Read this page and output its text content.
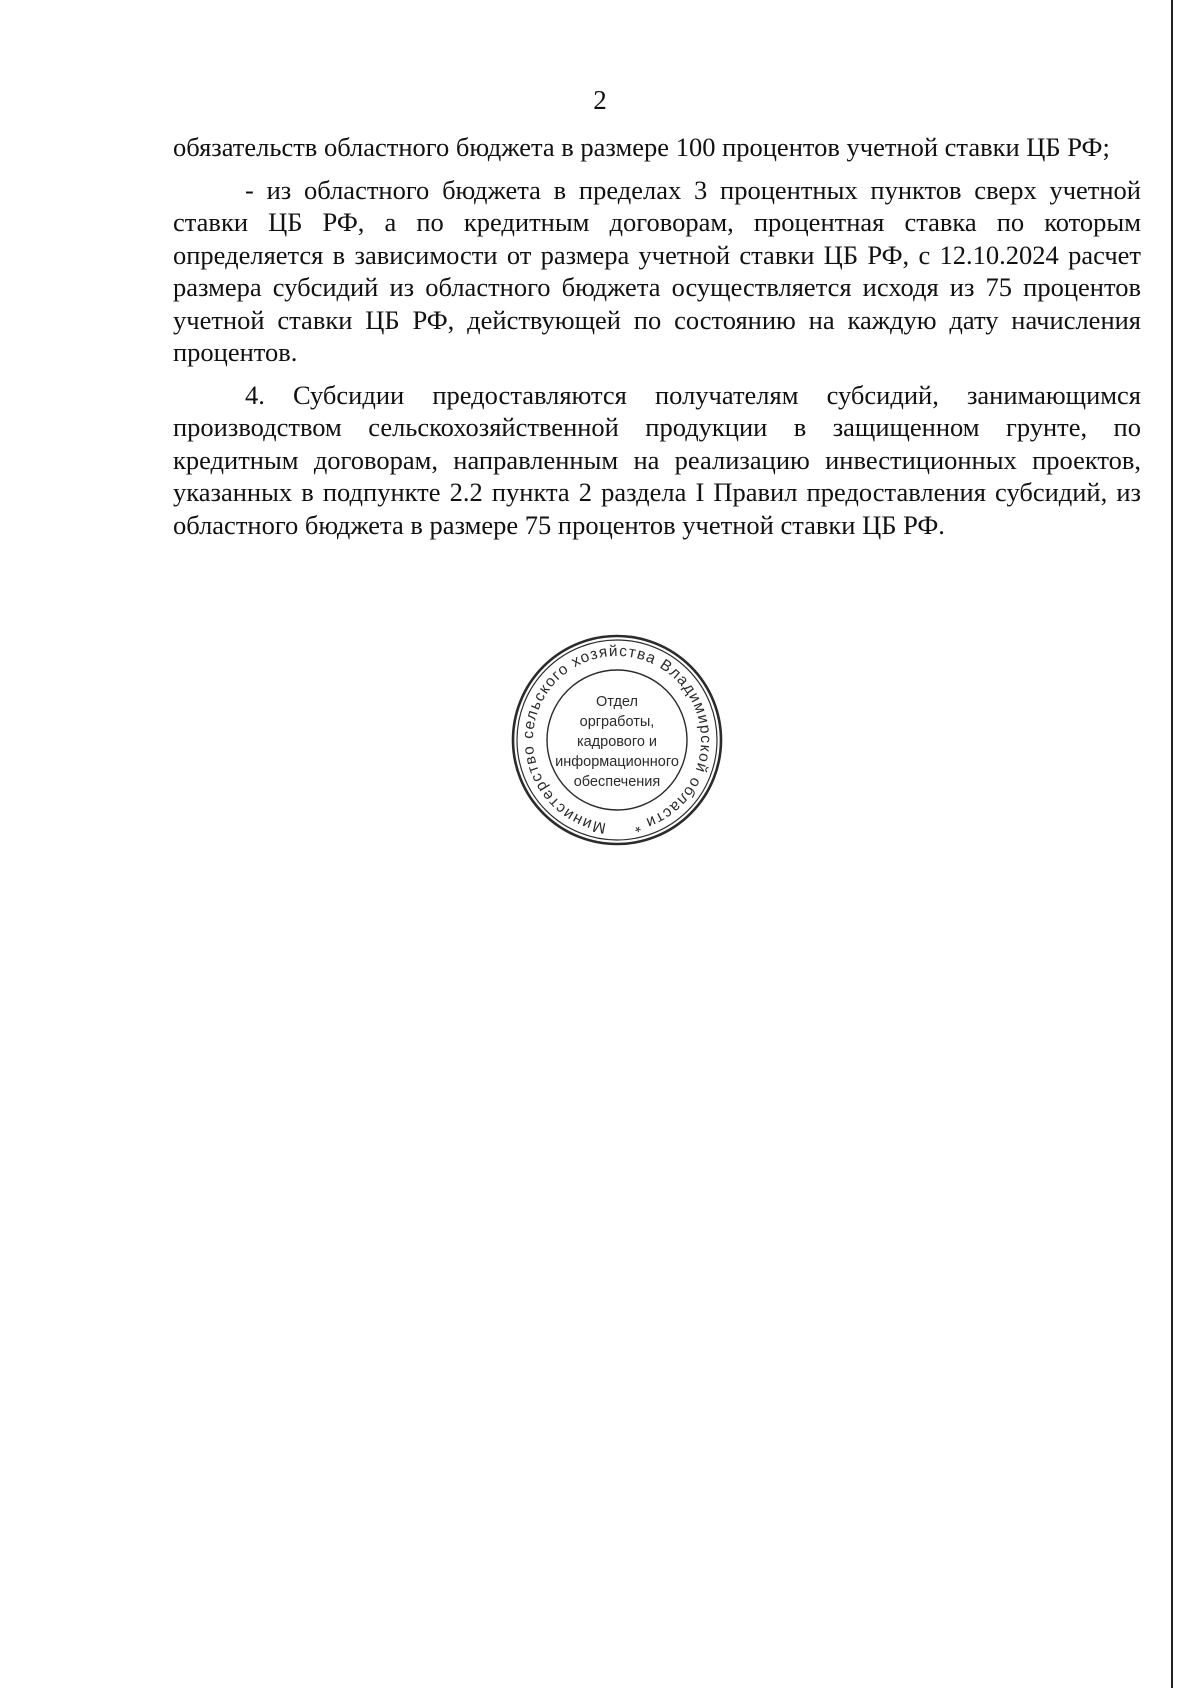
2

обязательств областного бюджета в размере 100 процентов учетной ставки ЦБ РФ;

- из областного бюджета в пределах 3 процентных пунктов сверх учетной ставки ЦБ РФ, а по кредитным договорам, процентная ставка по которым определяется в зависимости от размера учетной ставки ЦБ РФ, с 12.10.2024 расчет размера субсидий из областного бюджета осуществляется исходя из 75 процентов учетной ставки ЦБ РФ, действующей по состоянию на каждую дату начисления процентов.

4. Субсидии предоставляются получателям субсидий, занимающимся производством сельскохозяйственной продукции в защищенном грунте, по кредитным договорам, направленным на реализацию инвестиционных проектов, указанных в подпункте 2.2 пункта 2 раздела I Правил предоставления субсидий, из областного бюджета в размере 75 процентов учетной ставки ЦБ РФ.

Министерство сельского хозяйства Владимирской области *
Отдел
оргработы,
кадрового и
информационного
обеспечения
